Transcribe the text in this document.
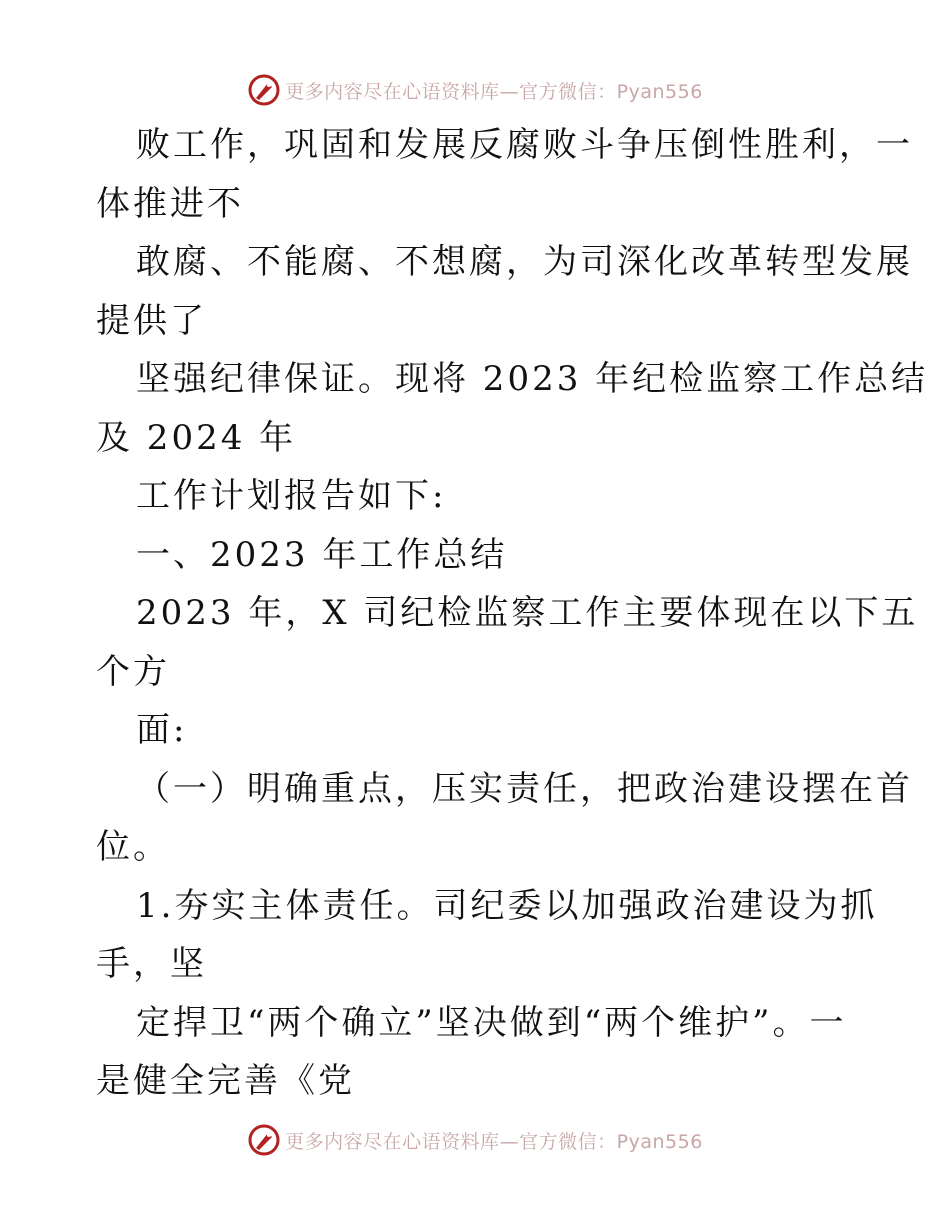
更多内容尽在心语资料库—官方微信：Pyan556
败工作，巩固和发展反腐败斗争压倒性胜利，一
体推进不
敢腐、不能腐、不想腐，为司深化改革转型发展
提供了
坚强纪律保证。现将 2023 年纪检监察工作总结
及 2024 年
工作计划报告如下:
一、2023 年工作总结
2023 年，X 司纪检监察工作主要体现在以下五
个方
面:
（一）明确重点，压实责任，把政治建设摆在首
位。
1.夯实主体责任。司纪委以加强政治建设为抓
手，坚
定捍卫“两个确立”坚决做到“两个维护”。一
是健全完善《党
更多内容尽在心语资料库—官方微信：Pyan556
